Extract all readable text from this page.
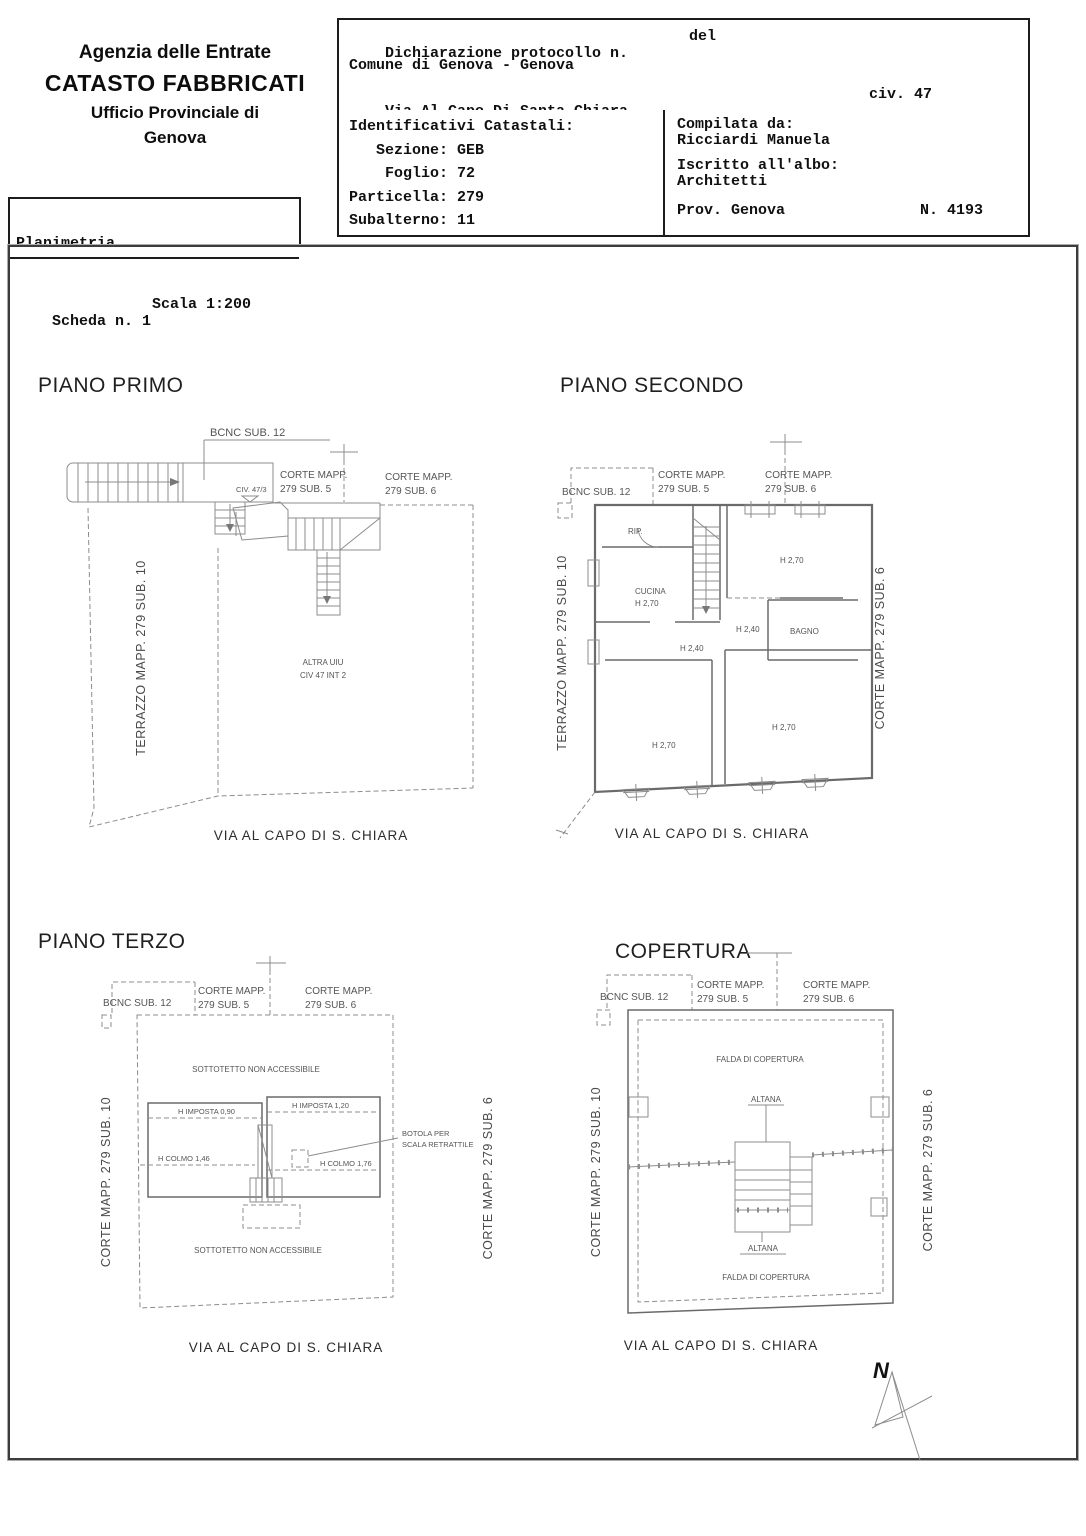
Agenzia delle Entrate
CATASTO FABBRICATI
Ufficio Provinciale di
Genova

Planimetria

Scheda n. 1

Scala 1:200

Dichiarazione protocollo n.

del

Comune di Genova - Genova

civ. 47

Identificativi Catastali:

Sezione: GEB

Foglio: 72

Particella: 279

Subalterno: 11

Compilata da:

Ricciardi Manuela

Iscritto all'albo:

Architetti

Prov. Genova

	N. 4193

PIANO PRIMO
BCNC SUB. 12
CIV. 47/3
CORTE MAPP.
279 SUB. 5
CORTE MAPP.
279 SUB. 6
TERRAZZO MAPP. 279 SUB. 10	ALTRA UIU
CIV 47 INT 2
VIA AL CAPO DI S. CHIARA
PIANO SECONDO
BCNC SUB. 12
CORTE MAPP.
279 SUB. 5
CORTE MAPP.
279 SUB. 6
RIP.
CUCINA
H 2,70
H 2,70
H 2,40
H 2,40
BAGNO
H 2,70
H 2,70
TERRAZZO MAPP. 279 SUB. 10	CORTE MAPP. 279 SUB. 6
VIA AL CAPO DI S. CHIARA
PIANO TERZO
BCNC SUB. 12
CORTE MAPP.
279 SUB. 5
CORTE MAPP.
279 SUB. 6
SOTTOTETTO NON ACCESSIBILE
H IMPOSTA 0,90
H COLMO 1,46
H IMPOSTA 1,20
H COLMO 1,76
BOTOLA PER
SCALA RETRATTILE
SOTTOTETTO NON ACCESSIBILE
CORTE MAPP. 279 SUB. 10	CORTE MAPP. 279 SUB. 6
VIA AL CAPO DI S. CHIARA
COPERTURA
BCNC SUB. 12
CORTE MAPP.
279 SUB. 5
CORTE MAPP.
279 SUB. 6
FALDA DI COPERTURA
ALTANA
ALTANA
FALDA DI COPERTURA
CORTE MAPP. 279 SUB. 10	CORTE MAPP. 279 SUB. 6
VIA AL CAPO DI S. CHIARA
N
